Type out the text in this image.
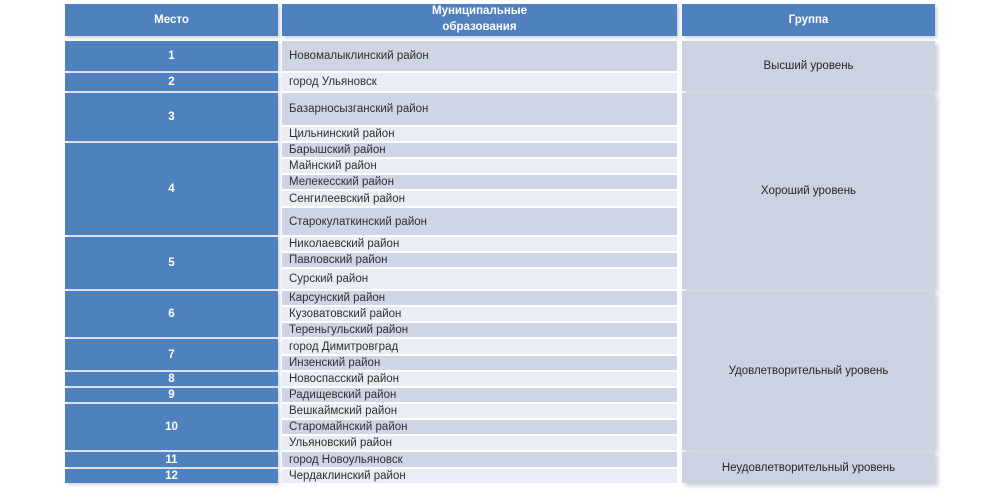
Место
Муниципальные образования
Группа
1
2
3
4
5
6
7
8
9
10
11
12
Новомалыклинский район
город Ульяновск
Базарносызганский район
Цильнинский район
Барышский район
Майнский район
Мелекесский район
Сенгилеевский район
Старокулаткинский район
Николаевский район
Павловский район
Сурский район
Карсунский район
Кузоватовский район
Тереньгульский район
город Димитровград
Инзенский район
Новоспасский район
Радищевский район
Вешкаймский район
Старомайнский район
Ульяновский район
город Новоульяновск
Чердаклинский район
Высший уровень
Хороший уровень
Удовлетворительный уровень
Неудовлетворительный уровень
